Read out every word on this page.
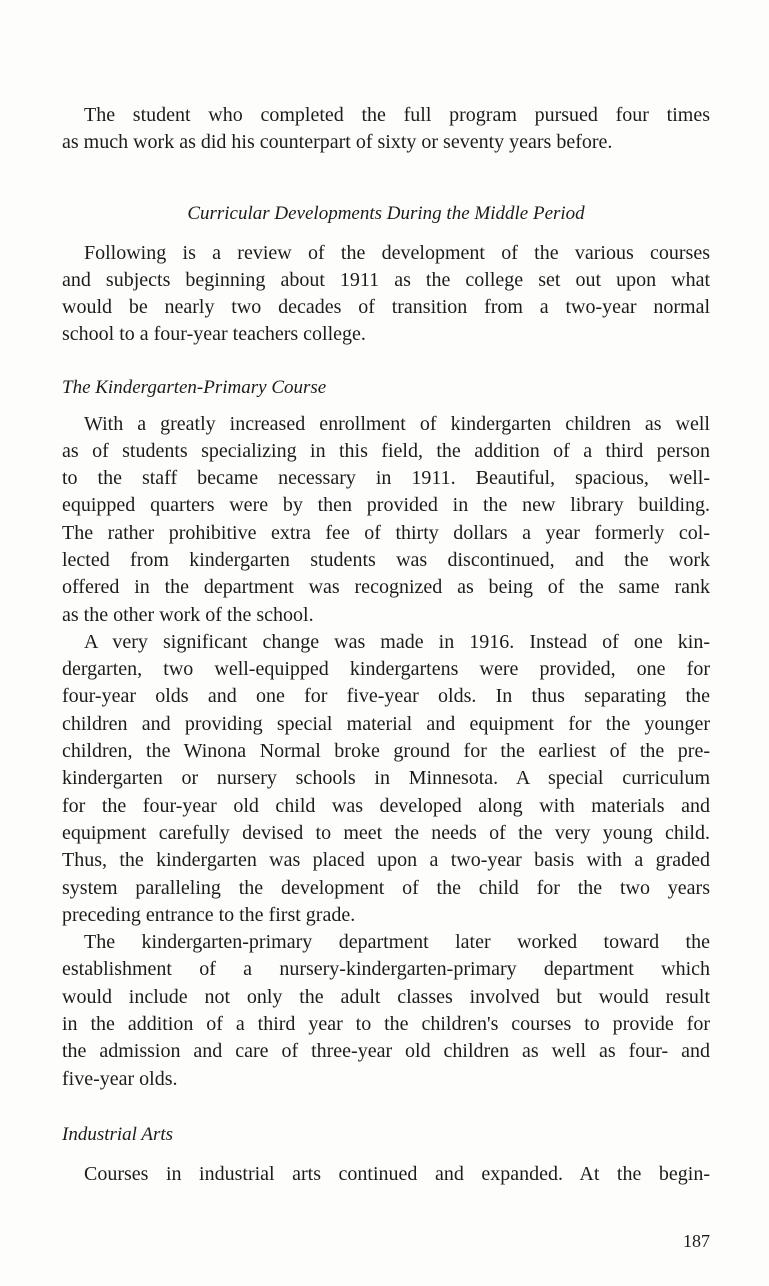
The student who completed the full program pursued four times
as much work as did his counterpart of sixty or seventy years before.
Curricular Developments During the Middle Period
Following is a review of the development of the various courses
and subjects beginning about 1911 as the college set out upon what
would be nearly two decades of transition from a two-year normal
school to a four-year teachers college.
The Kindergarten-Primary Course
With a greatly increased enrollment of kindergarten children as well
as of students specializing in this field, the addition of a third person
to the staff became necessary in 1911. Beautiful, spacious, well-
equipped quarters were by then provided in the new library building.
The rather prohibitive extra fee of thirty dollars a year formerly col-
lected from kindergarten students was discontinued, and the work
offered in the department was recognized as being of the same rank
as the other work of the school.
A very significant change was made in 1916. Instead of one kin-
dergarten, two well-equipped kindergartens were provided, one for
four-year olds and one for five-year olds. In thus separating the
children and providing special material and equipment for the younger
children, the Winona Normal broke ground for the earliest of the pre-
kindergarten or nursery schools in Minnesota. A special curriculum
for the four-year old child was developed along with materials and
equipment carefully devised to meet the needs of the very young child.
Thus, the kindergarten was placed upon a two-year basis with a graded
system paralleling the development of the child for the two years
preceding entrance to the first grade.
The kindergarten-primary department later worked toward the
establishment of a nursery-kindergarten-primary department which
would include not only the adult classes involved but would result
in the addition of a third year to the children's courses to provide for
the admission and care of three-year old children as well as four- and
five-year olds.
Industrial Arts
Courses in industrial arts continued and expanded. At the begin-
187
